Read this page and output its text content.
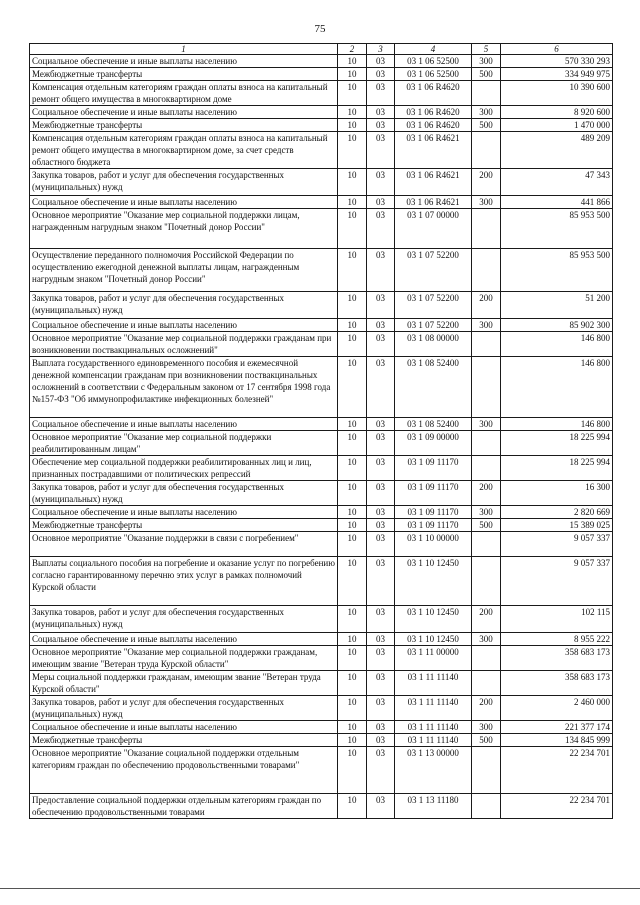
75
1	2	3	4	5	6
Социальное обеспечение и иные выплаты населению	10	03	03 1 06 52500	300	570 330 293
Межбюджетные трансферты	10	03	03 1 06 52500	500	334 949 975
Компенсация отдельным категориям граждан оплаты взноса на капитальный ремонт общего имущества в многоквартирном доме	10	03	03 1 06 R4620		10 390 600
Социальное обеспечение и иные выплаты населению	10	03	03 1 06 R4620	300	8 920 600
Межбюджетные трансферты	10	03	03 1 06 R4620	500	1 470 000
Компенсация отдельным категориям граждан оплаты взноса на капитальный ремонт общего имущества в многоквартирном доме, за счет средств областного бюджета	10	03	03 1 06 R4621		489 209
Закупка товаров, работ и услуг для обеспечения государственных (муниципальных) нужд	10	03	03 1 06 R4621	200	47 343
Социальное обеспечение и иные выплаты населению	10	03	03 1 06 R4621	300	441 866
Основное мероприятие "Оказание мер социальной поддержки лицам, награжденным нагрудным знаком "Почетный донор России"	10	03	03 1 07 00000		85 953 500
Осуществление переданного полномочия Российской Федерации по осуществлению ежегодной денежной выплаты лицам, награжденным нагрудным знаком "Почетный донор России"	10	03	03 1 07 52200		85 953 500
Закупка товаров, работ и услуг для обеспечения государственных (муниципальных) нужд	10	03	03 1 07 52200	200	51 200
Социальное обеспечение и иные выплаты населению	10	03	03 1 07 52200	300	85 902 300
Основное мероприятие "Оказание мер социальной поддержки гражданам при возникновении поствакцинальных осложнений"	10	03	03 1 08 00000		146 800
Выплата государственного единовременного пособия и ежемесячной денежной компенсации гражданам при возникновении поствакцинальных осложнений в соответствии с Федеральным законом от 17 сентября 1998 года №157-ФЗ "Об иммунопрофилактике инфекционных болезней"	10	03	03 1 08 52400		146 800
Социальное обеспечение и иные выплаты населению	10	03	03 1 08 52400	300	146 800
Основное мероприятие "Оказание мер социальной поддержки реабилитированным лицам"	10	03	03 1 09 00000		18 225 994
Обеспечение мер социальной поддержки реабилитированных лиц и лиц, признанных пострадавшими от политических репрессий	10	03	03 1 09 11170		18 225 994
Закупка товаров, работ и услуг для обеспечения государственных (муниципальных) нужд	10	03	03 1 09 11170	200	16 300
Социальное обеспечение и иные выплаты населению	10	03	03 1 09 11170	300	2 820 669
Межбюджетные трансферты	10	03	03 1 09 11170	500	15 389 025
Основное мероприятие "Оказание поддержки в связи с погребением"	10	03	03 1 10 00000		9 057 337
Выплаты социального пособия на погребение и оказание услуг по погребению согласно гарантированному перечню этих услуг в рамках полномочий Курской области	10	03	03 1 10 12450		9 057 337
Закупка товаров, работ и услуг для обеспечения государственных (муниципальных) нужд	10	03	03 1 10 12450	200	102 115
Социальное обеспечение и иные выплаты населению	10	03	03 1 10 12450	300	8 955 222
Основное мероприятие "Оказание мер социальной поддержки гражданам, имеющим звание "Ветеран труда Курской области"	10	03	03 1 11 00000		358 683 173
Меры социальной поддержки гражданам, имеющим звание "Ветеран труда Курской области"	10	03	03 1 11 11140		358 683 173
Закупка товаров, работ и услуг для обеспечения государственных (муниципальных) нужд	10	03	03 1 11 11140	200	2 460 000
Социальное обеспечение и иные выплаты населению	10	03	03 1 11 11140	300	221 377 174
Межбюджетные трансферты	10	03	03 1 11 11140	500	134 845 999
Основное мероприятие "Оказание социальной поддержки отдельным категориям граждан по обеспечению продовольственными товарами"	10	03	03 1 13 00000		22 234 701
Предоставление социальной поддержки отдельным категориям граждан по обеспечению продовольственными товарами	10	03	03 1 13 11180		22 234 701
